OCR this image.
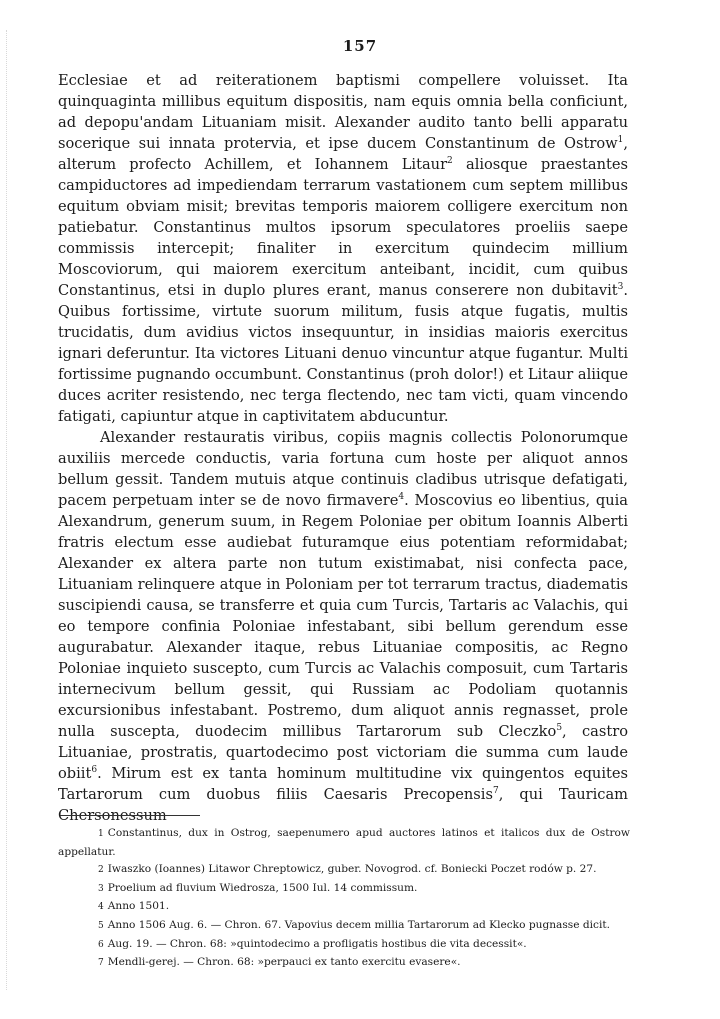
157

Ecclesiae et ad reiterationem baptismi compellere voluisset. Ita quinquaginta millibus equitum dispositis, nam equis omnia bella conficiunt, ad depopu'andam Lituaniam misit. Alexander audito tanto belli apparatu socerique sui innata protervia, et ipse ducem Constantinum de Ostrow$^1$, alterum profecto Achillem, et Iohannem Litaur$^2$ aliosque praestantes campiductores ad impediendam terrarum vastationem cum septem millibus equitum obviam misit; brevitas temporis maiorem colligere exercitum non patiebatur. Constantinus multos ipsorum speculatores proeliis saepe commissis intercepit; finaliter in exercitum quindecim millium Moscoviorum, qui maiorem exercitum anteibant, incidit, cum quibus Constantinus, etsi in duplo plures erant, manus conserere non dubitavit$^3$. Quibus fortissime, virtute suorum militum, fusis atque fugatis, multis trucidatis, dum avidius victos insequuntur, in insidias maioris exercitus ignari deferuntur. Ita victores Lituani denuo vincuntur atque fugantur. Multi fortissime pugnando occumbunt. Constantinus (proh dolor!) et Litaur aliique duces acriter resistendo, nec terga flectendo, nec tam victi, quam vincendo fatigati, capiuntur atque in captivitatem abducuntur.

Alexander restauratis viribus, copiis magnis collectis Polonorumque auxiliis mercede conductis, varia fortuna cum hoste per aliquot annos bellum gessit. Tandem mutuis atque continuis cladibus utrisque defatigati, pacem perpetuam inter se de novo firmavere$^4$. Moscovius eo libentius, quia Alexandrum, generum suum, in Regem Poloniae per obitum Ioannis Alberti fratris electum esse audiebat futuramque eius potentiam reformidabat; Alexander ex altera parte non tutum existimabat, nisi confecta pace, Lituaniam relinquere atque in Poloniam per tot terrarum tractus, diadematis suscipiendi causa, se transferre et quia cum Turcis, Tartaris ac Valachis, qui eo tempore confinia Poloniae infestabant, sibi bellum gerendum esse augurabatur. Alexander itaque, rebus Lituaniae compositis, ac Regno Poloniae inquieto suscepto, cum Turcis ac Valachis composuit, cum Tartaris internecivum bellum gessit, qui Russiam ac Podoliam quotannis excursionibus infestabant. Postremo, dum aliquot annis regnasset, prole nulla suscepta, duodecim millibus Tartarorum sub Cleczko$^5$, castro Lituaniae, prostratis, quartodecimo post victoriam die summa cum laude obiit$^6$. Mirum est ex tanta hominum multitudine vix quingentos equites Tartarorum cum duobus filiis Caesaris Precopensis$^7$, qui Tauricam Chersonessum

1 Constantinus, dux in Ostrog, saepenumero apud auctores latinos et italicos dux de Ostrow appellatur.

2 Iwaszko (Ioannes) Litawor Chreptowicz, guber. Novogrod. cf. Boniecki Poczet rodów p. 27.

3 Proelium ad fluvium Wiedrosza, 1500 Iul. 14 commissum.

4 Anno 1501.

5 Anno 1506 Aug. 6. — Chron. 67. Vapovius decem millia Tartarorum ad Klecko pugnasse dicit.

6 Aug. 19. — Chron. 68: »quintodecimo a profligatis hostibus die vita decessit«.

7 Mendli-gerej. — Chron. 68: »perpauci ex tanto exercitu evasere«.
